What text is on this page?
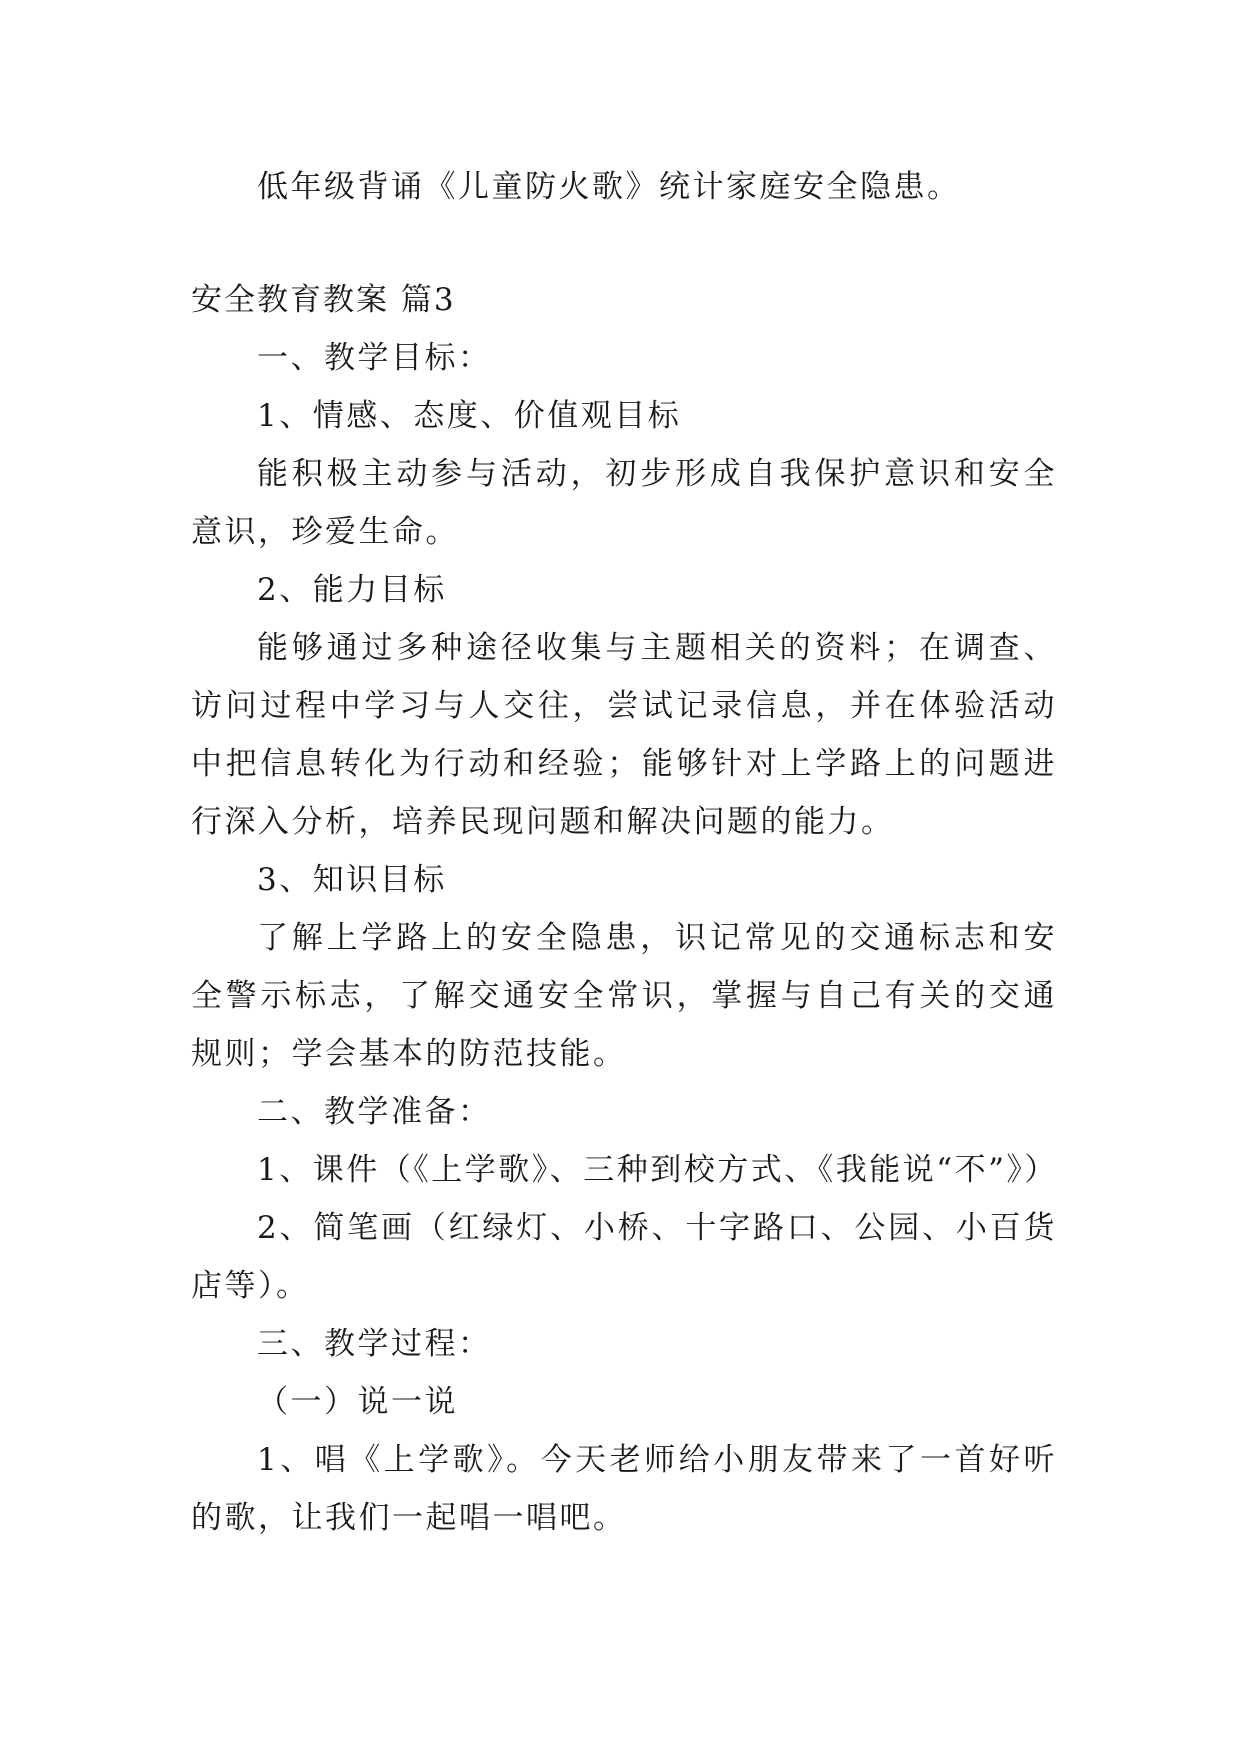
低年级背诵《儿童防火歌》统计家庭安全隐患。

安全教育教案 篇3

一、教学目标：

1、情感、态度、价值观目标

能积极主动参与活动，初步形成自我保护意识和安全意识，珍爱生命。

2、能力目标

能够通过多种途径收集与主题相关的资料；在调查、访问过程中学习与人交往，尝试记录信息，并在体验活动中把信息转化为行动和经验；能够针对上学路上的问题进行深入分析，培养民现问题和解决问题的能力。

3、知识目标

了解上学路上的安全隐患，识记常见的交通标志和安全警示标志，了解交通安全常识，掌握与自己有关的交通规则；学会基本的防范技能。

二、教学准备：

1、课件（《上学歌》、三种到校方式、《我能说“不”》）

2、简笔画（红绿灯、小桥、十字路口、公园、小百货店等）。

三、教学过程：

（一）说一说

1、唱《上学歌》。今天老师给小朋友带来了一首好听的歌，让我们一起唱一唱吧。
